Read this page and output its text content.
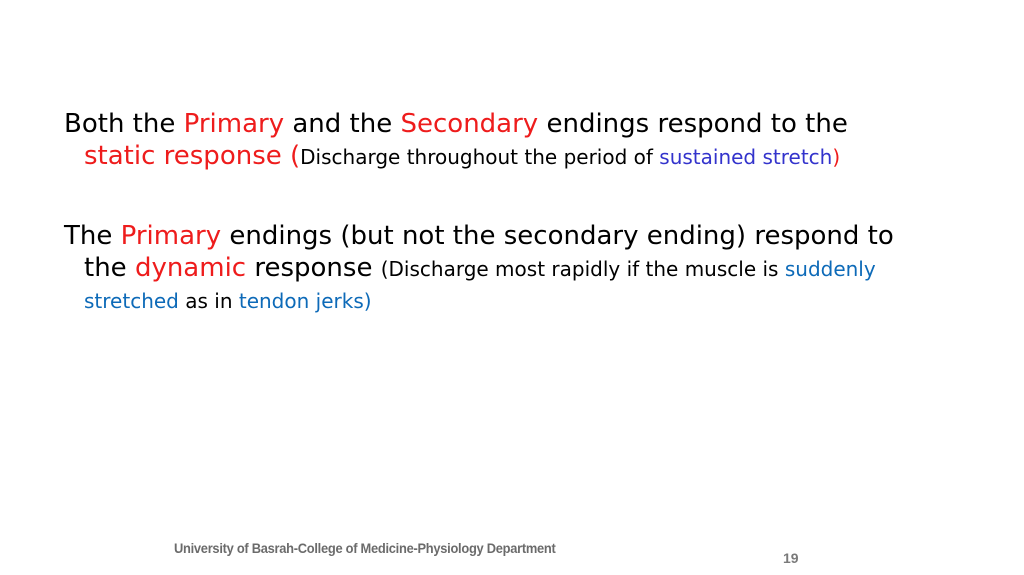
Both the Primary and the Secondary endings respond to the
static response (Discharge throughout the period of sustained stretch)

The Primary endings (but not the secondary ending) respond to the dynamic response (Discharge most rapidly if the muscle is suddenly stretched as in tendon jerks)

University of Basrah-College of Medicine-Physiology Department
19
